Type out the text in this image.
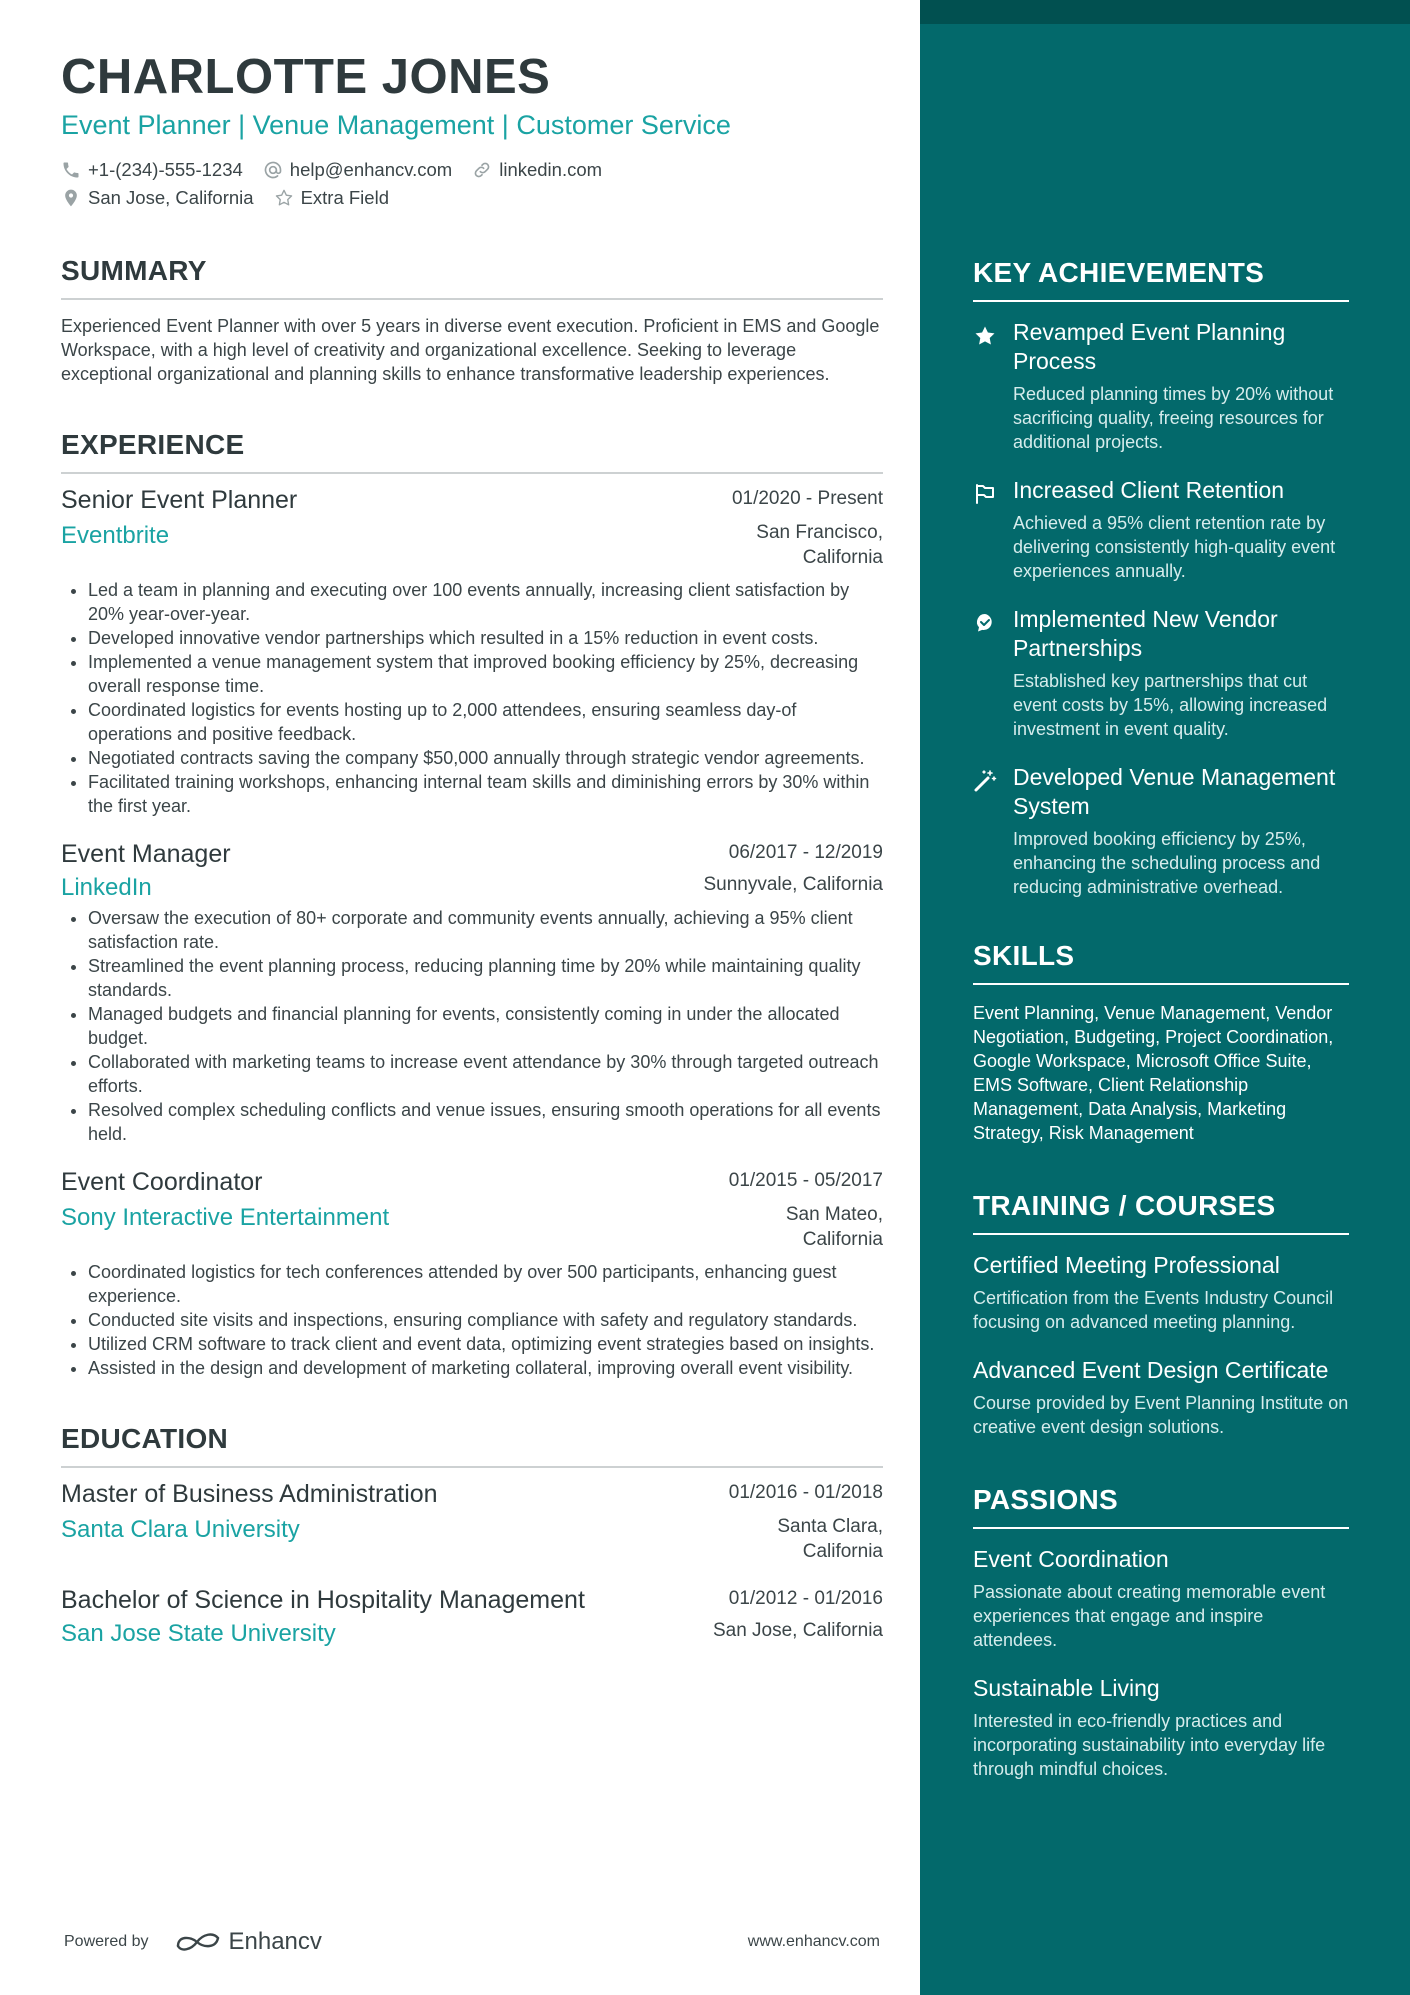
CHARLOTTE JONES
Event Planner | Venue Management | Customer Service
+1-(234)-555-1234	help@enhancv.com	linkedin.com
San Jose, California	Extra Field
SUMMARY

Experienced Event Planner with over 5 years in diverse event execution. Proficient in EMS and Google Workspace, with a high level of creativity and organizational excellence. Seeking to leverage exceptional organizational and planning skills to enhance transformative leadership experiences.

EXPERIENCE
Senior Event Planner	01/2020 - Present
Eventbrite	San Francisco, California
• Led a team in planning and executing over 100 events annually, increasing client satisfaction by 20% year-over-year.
• Developed innovative vendor partnerships which resulted in a 15% reduction in event costs.
• Implemented a venue management system that improved booking efficiency by 25%, decreasing overall response time.
• Coordinated logistics for events hosting up to 2,000 attendees, ensuring seamless day-of operations and positive feedback.
• Negotiated contracts saving the company $50,000 annually through strategic vendor agreements.
• Facilitated training workshops, enhancing internal team skills and diminishing errors by 30% within the first year.
Event Manager	06/2017 - 12/2019
LinkedIn	Sunnyvale, California
• Oversaw the execution of 80+ corporate and community events annually, achieving a 95% client satisfaction rate.
• Streamlined the event planning process, reducing planning time by 20% while maintaining quality standards.
• Managed budgets and financial planning for events, consistently coming in under the allocated budget.
• Collaborated with marketing teams to increase event attendance by 30% through targeted outreach efforts.
• Resolved complex scheduling conflicts and venue issues, ensuring smooth operations for all events held.
Event Coordinator	01/2015 - 05/2017
Sony Interactive Entertainment	San Mateo, California
• Coordinated logistics for tech conferences attended by over 500 participants, enhancing guest experience.
• Conducted site visits and inspections, ensuring compliance with safety and regulatory standards.
• Utilized CRM software to track client and event data, optimizing event strategies based on insights.
• Assisted in the design and development of marketing collateral, improving overall event visibility.
EDUCATION
Master of Business Administration	01/2016 - 01/2018
Santa Clara University	Santa Clara, California
Bachelor of Science in Hospitality Management	01/2012 - 01/2016
San Jose State University	San Jose, California
Powered by	Enhancv	www.enhancv.com
KEY ACHIEVEMENTS
Revamped Event Planning Process
Reduced planning times by 20% without sacrificing quality, freeing resources for additional projects.
Increased Client Retention
Achieved a 95% client retention rate by delivering consistently high-quality event experiences annually.
Implemented New Vendor Partnerships
Established key partnerships that cut event costs by 15%, allowing increased investment in event quality.
Developed Venue Management System
Improved booking efficiency by 25%, enhancing the scheduling process and reducing administrative overhead.
SKILLS

Event Planning, Venue Management, Vendor Negotiation, Budgeting, Project Coordination, Google Workspace, Microsoft Office Suite, EMS Software, Client Relationship Management, Data Analysis, Marketing Strategy, Risk Management

TRAINING / COURSES
Certified Meeting Professional
Certification from the Events Industry Council focusing on advanced meeting planning.
Advanced Event Design Certificate
Course provided by Event Planning Institute on creative event design solutions.
PASSIONS
Event Coordination
Passionate about creating memorable event experiences that engage and inspire attendees.
Sustainable Living
Interested in eco-friendly practices and incorporating sustainability into everyday life through mindful choices.
